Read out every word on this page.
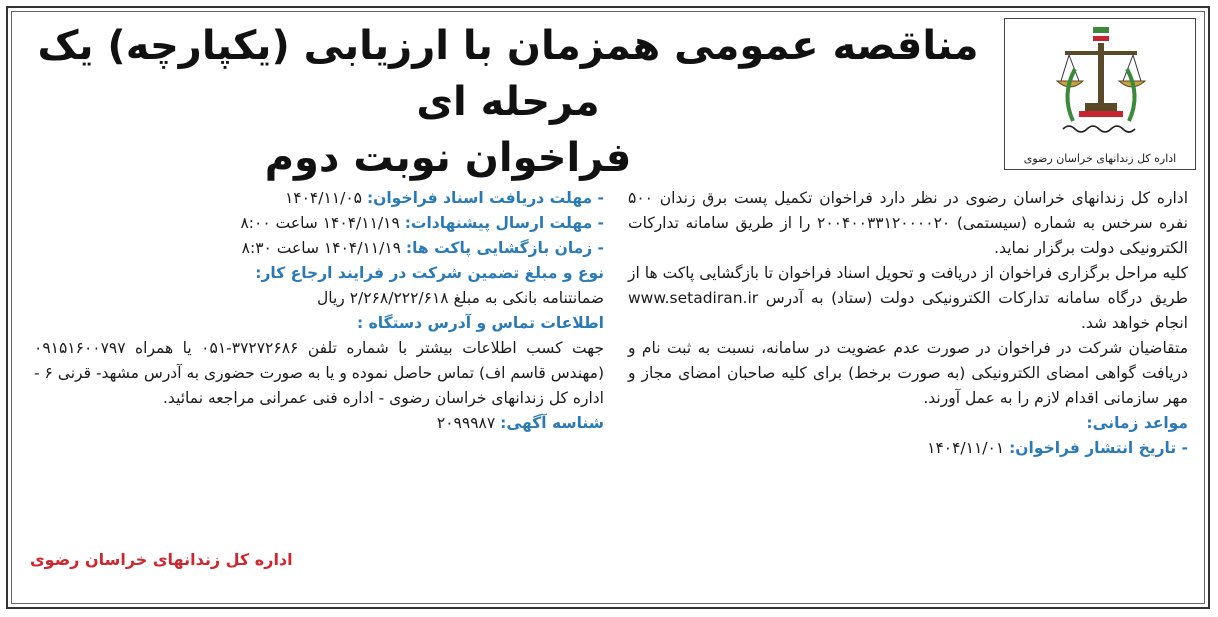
سازمان زندانها و اقدامات تامینی و تربیتی کشور
اداره کل زندانهای خراسان رضوی
مناقصه عمومی همزمان با ارزیابی (یکپارچه) یک مرحله ای
فراخوان نوبت دوم
اداره کل زندانهای خراسان رضوی در نظر دارد فراخوان تکمیل پست برق زندان ۵۰۰ نفره سرخس به شماره (سیستمی) ۲۰۰۴۰۰۳۳۱۲۰۰۰۰۲۰ را از طریق سامانه تدارکات الکترونیکی دولت برگزار نماید.
کلیه مراحل برگزاری فراخوان از دریافت و تحویل اسناد فراخوان تا بازگشایی پاکت ها از طریق درگاه سامانه تدارکات الکترونیکی دولت (ستاد) به آدرس www.setadiran.ir انجام خواهد شد.
متقاضیان شرکت در فراخوان در صورت عدم عضویت در سامانه، نسبت به ثبت نام و دریافت گواهی امضای الکترونیکی (به صورت برخط) برای کلیه صاحبان امضای مجاز و مهر سازمانی اقدام لازم را به عمل آورند.
مواعد زمانی:
- تاریخ انتشار فراخوان: ۱۴۰۴/۱۱/۰۱
- مهلت دریافت اسناد فراخوان: ۱۴۰۴/۱۱/۰۵
- مهلت ارسال پیشنهادات: ۱۴۰۴/۱۱/۱۹ ساعت ۸:۰۰
- زمان بازگشایی پاکت ها: ۱۴۰۴/۱۱/۱۹ ساعت ۸:۳۰
نوع و مبلغ تضمین شرکت در فرایند ارجاع کار:
ضمانتنامه بانکی به مبلغ ۲/۲۶۸/۲۲۲/۶۱۸ ریال
اطلاعات تماس و آدرس دستگاه :
جهت کسب اطلاعات بیشتر با شماره تلفن ۳۷۲۷۲۶۸۶-۰۵۱ یا همراه ۰۹۱۵۱۶۰۰۷۹۷ (مهندس قاسم اف) تماس حاصل نموده و یا به صورت حضوری به آدرس مشهد- قرنی ۶ - اداره کل زندانهای خراسان رضوی - اداره فنی عمرانی مراجعه نمائید.
شناسه آگهی: ۲۰۹۹۹۸۷
اداره کل زندانهای خراسان رضوی
